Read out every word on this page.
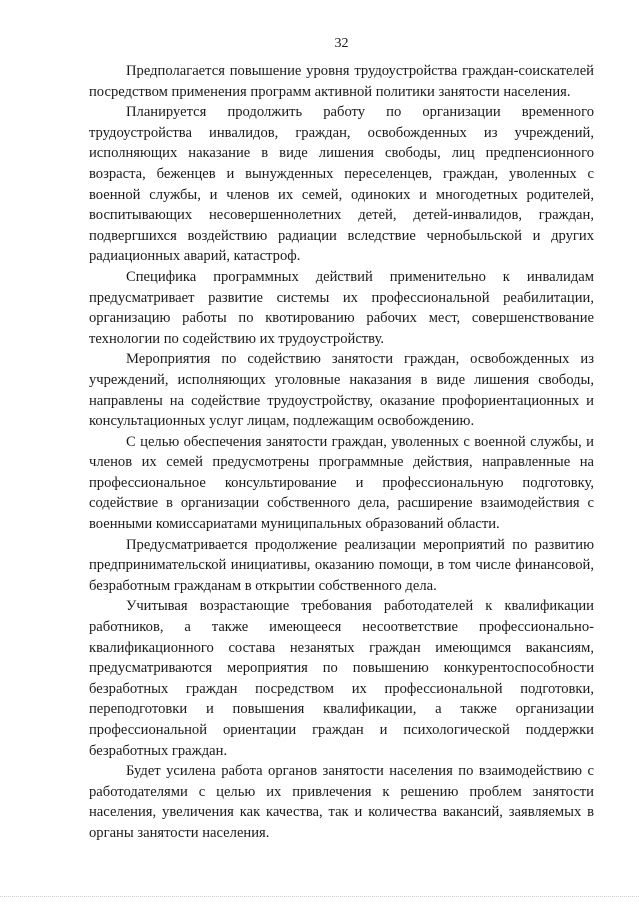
32

Предполагается повышение уровня трудоустройства граждан-соискателей посредством применения программ активной политики занятости населения.

Планируется продолжить работу по организации временного трудоустройства инвалидов, граждан, освобожденных из учреждений, исполняющих наказание в виде лишения свободы, лиц предпенсионного возраста, беженцев и вынужденных переселенцев, граждан, уволенных с военной службы, и членов их семей, одиноких и многодетных родителей, воспитывающих несовершеннолетних детей, детей-инвалидов, граждан, подвергшихся воздействию радиации вследствие чернобыльской и других радиационных аварий, катастроф.

Специфика программных действий применительно к инвалидам предусматривает развитие системы их профессиональной реабилитации, организацию работы по квотированию рабочих мест, совершенствование технологии по содействию их трудоустройству.

Мероприятия по содействию занятости граждан, освобожденных из учреждений, исполняющих уголовные наказания в виде лишения свободы, направлены на содействие трудоустройству, оказание профориентационных и консультационных услуг лицам, подлежащим освобождению.

С целью обеспечения занятости граждан, уволенных с военной службы, и членов их семей предусмотрены программные действия, направленные на профессиональное консультирование и профессиональную подготовку, содействие в организации собственного дела, расширение взаимодействия с военными комиссариатами муниципальных образований области.

Предусматривается продолжение реализации мероприятий по развитию предпринимательской инициативы, оказанию помощи, в том числе финансовой, безработным гражданам в открытии собственного дела.

Учитывая возрастающие требования работодателей к квалификации работников, а также имеющееся несоответствие профессионально-квалификационного состава незанятых граждан имеющимся вакансиям, предусматриваются мероприятия по повышению конкурентоспособности безработных граждан посредством их профессиональной подготовки, переподготовки и повышения квалификации, а также организации профессиональной ориентации граждан и психологической поддержки безработных граждан.

Будет усилена работа органов занятости населения по взаимодействию с работодателями с целью их привлечения к решению проблем занятости населения, увеличения как качества, так и количества вакансий, заявляемых в органы занятости населения.
